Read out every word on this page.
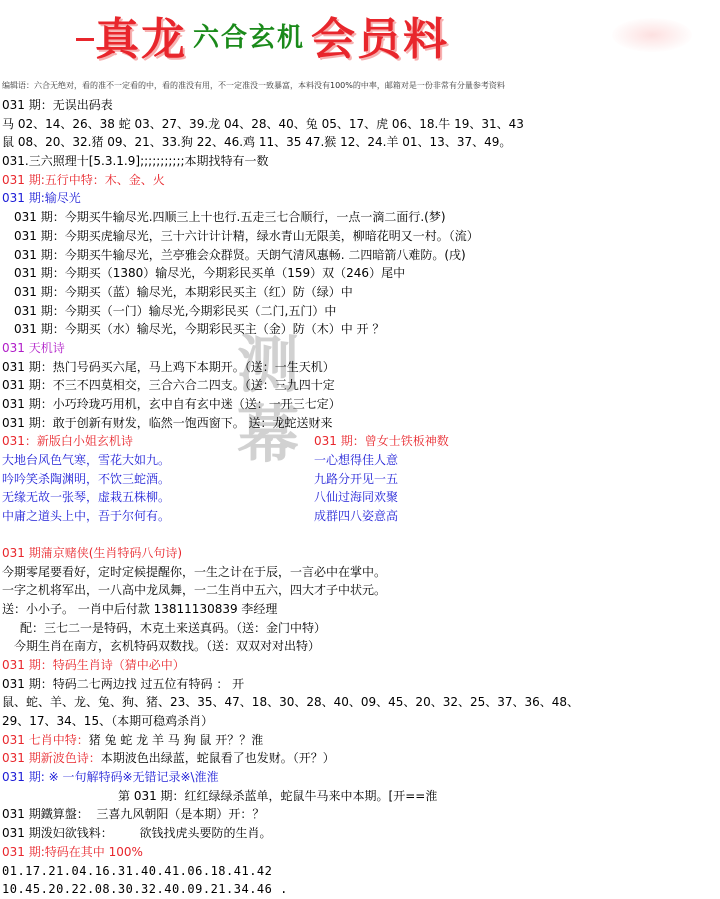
真龙 六合玄机 会员料
编辑语：六合无绝对，看的准不一定看的中，看的准没有用，不一定准没一致暴富，本料没有100%的中率，邮箱对是一份非常有分量参考资料
测幕
031 期：无误出码表
马 02、14、26、38 蛇 03、27、39.龙 04、28、40、兔 05、17、虎 06、18.牛 19、31、43
鼠 08、20、32.猪 09、21、33.狗 22、46.鸡 11、35 47.猴 12、24.羊 01、13、37、49。
031.三六照理十[5.3.1.9];;;;;;;;;;;本期找特有一数
031 期:五行中特：木、金、火
031 期:输尽光
031 期：今期买牛输尽光.四顺三上十也行.五走三七合顺行，一点一滴二面行.(梦)
031 期：今期买虎输尽光，三十六计计计精，绿水青山无限美，柳暗花明又一村。（流）
031 期：今期买牛输尽光，兰亭雅会众群贤。天朗气清风惠畅. 二四暗箭八难防。(戌)
031 期：今期买（1380）输尽光，今期彩民买单（159）双（246）尾中
031 期：今期买（蓝）输尽光，本期彩民买主（红）防（绿）中
031 期：今期买（一门）输尽光,今期彩民买（二门,五门）中
031 期：今期买（水）输尽光，今期彩民买主（金）防（木）中 开 ？
031 天机诗
031 期：热门号码买六尾，马上鸡下本期开。（送：一生天机）
031 期：不三不四莫相交，三合六合二四支。（送：三九四十定
031 期：小巧玲珑巧用机，玄中自有玄中迷（送：一开三七定）
031 期：敢于创新有财发，临然一饱西窗下。 送：龙蛇送财来
031：新版白小姐玄机诗
大地台风色气寒，雪花大如九。
吟吟笑杀陶渊明，不饮三蛇酒。
无缘无故一张琴，虚栽五株柳。
中庸之道头上中，吾于尔何有。
031 期：曾女士铁板神数
一心想得佳人意
九路分开见一五
八仙过海同欢聚
成群四八姿意高
031 期蒲京赌侠(生肖特码八句诗)
今期零尾要看好，定时定候提醒你，一生之计在于辰，一言必中在掌中。
一字之机将军出，一八高中龙凤舞，一二生肖中五六，四大才子中状元。
送：小小子。 一肖中后付款 13811130839 李经理
配：三七二一是特码，木克土来送真码。（送：金门中特）
今期生肖在南方，玄机特码双数找。（送：双双对对出特）
031 期：特码生肖诗（猜中必中）
031 期：特码二七两边找 过五位有特码 ： 开
鼠、蛇、羊、龙、兔、狗、猪、23、35、47、18、30、28、40、09、45、20、32、25、37、36、48、
29、17、34、15、（本期可稳鸡杀肖）
031 七肖中特：猪 兔 蛇 龙 羊 马 狗 鼠 开？？淮
031 期新波色诗：本期波色出绿蓝，蛇鼠看了也发财。（开？）
031 期: ※ 一句解特码※无错记录※\淮淮
第 031 期：红红绿绿杀蓝单，蛇鼠牛马来中本期。[开==淮
031 期鐵算盤： 三喜九风朝阳（是本期）开：？
031 期泼妇欲钱料： 欲钱找虎头要防的生肖。
031 期:特码在其中 100%
01.17.21.04.16.31.40.41.06.18.41.42
10.45.20.22.08.30.32.40.09.21.34.46 .
